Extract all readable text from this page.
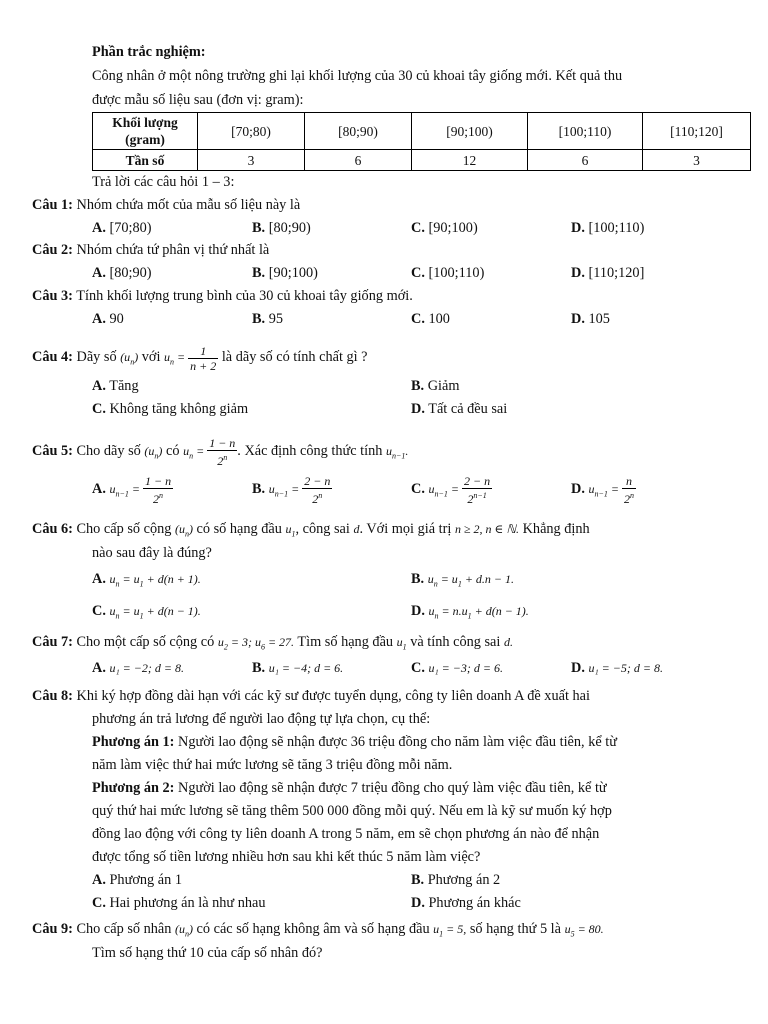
Phần trắc nghiệm:
Công nhân ở một nông trường ghi lại khối lượng của 30 củ khoai tây giống mới. Kết quả thu
được mẫu số liệu sau (đơn vị: gram):
Khối lượng
(gram)	[70;80)	[80;90)	[90;100)	[100;110)	[110;120]
Tần số	3	6	12	6	3
Trả lời các câu hỏi 1 – 3:
Câu 1: Nhóm chứa mốt của mẫu số liệu này là
A. [70;80)	B. [80;90)	C. [90;100)	D. [100;110)
Câu 2: Nhóm chứa tứ phân vị thứ nhất là
A. [80;90)	B. [90;100)	C. [100;110)	D. [110;120]
Câu 3: Tính khối lượng trung bình của 30 củ khoai tây giống mới.
A. 90	B. 95	C. 100	D. 105
Câu 4: Dãy số $(u_n)$ với $u_n = \frac{1}{n + 2}$ là dãy số có tính chất gì ?
A. Tăng	B. Giảm
C. Không tăng không giảm	D. Tất cả đều sai
Câu 5: Cho dãy số $(u_n)$ có $u_n = \frac{1 - n}{2^n}$ . Xác định công thức tính $u_{n-1}$.
A. $u_{n-1} = \frac{1 - n}{2^n}$	B. $u_{n-1} = \frac{2 - n}{2^n}$	C. $u_{n-1} = \frac{2 - n}{2^{n-1}}$	D. $u_{n-1} = \frac{n}{2^n}$
Câu 6: Cho cấp số cộng $(u_n)$ có số hạng đầu $u_1$, công sai d. Với mọi giá trị n ≥ 2, n ∈ ℕ. Khẳng định
nào sau đây là đúng?
A. $u_n = u_1 + d(n + 1)$.	B. $u_n = u_1 + d.n - 1$.
C. $u_n = u_1 + d(n - 1)$.	D. $u_n = n.u_1 + d(n - 1)$.
Câu 7: Cho một cấp số cộng có $u_2 = 3$; $u_6 = 27$. Tìm số hạng đầu $u_1$ và tính công sai d.
A. u₁ = −2; d = 8.	B. u₁ = −4; d = 6.	C. u₁ = −3; d = 6.	D. u₁ = −5; d = 8.
Câu 8: Khi ký hợp đồng dài hạn với các kỹ sư được tuyển dụng, công ty liên doanh A đề xuất hai
phương án trả lương để người lao động tự lựa chọn, cụ thể:
Phương án 1: Người lao động sẽ nhận được 36 triệu đồng cho năm làm việc đầu tiên, kể từ
năm làm việc thứ hai mức lương sẽ tăng 3 triệu đồng mỗi năm.
Phương án 2: Người lao động sẽ nhận được 7 triệu đồng cho quý làm việc đầu tiên, kể từ
quý thứ hai mức lương sẽ tăng thêm 500 000 đồng mỗi quý. Nếu em là kỹ sư muốn ký hợp
đồng lao động với công ty liên doanh A trong 5 năm, em sẽ chọn phương án nào để nhận
được tổng số tiền lương nhiều hơn sau khi kết thúc 5 năm làm việc?
A. Phương án 1	B. Phương án 2
C. Hai phương án là như nhau	D. Phương án khác
Câu 9: Cho cấp số nhân $(u_n)$ có các số hạng không âm và số hạng đầu $u_1 = 5$, số hạng thứ 5 là $u_5 = 80$.
Tìm số hạng thứ 10 của cấp số nhân đó?
